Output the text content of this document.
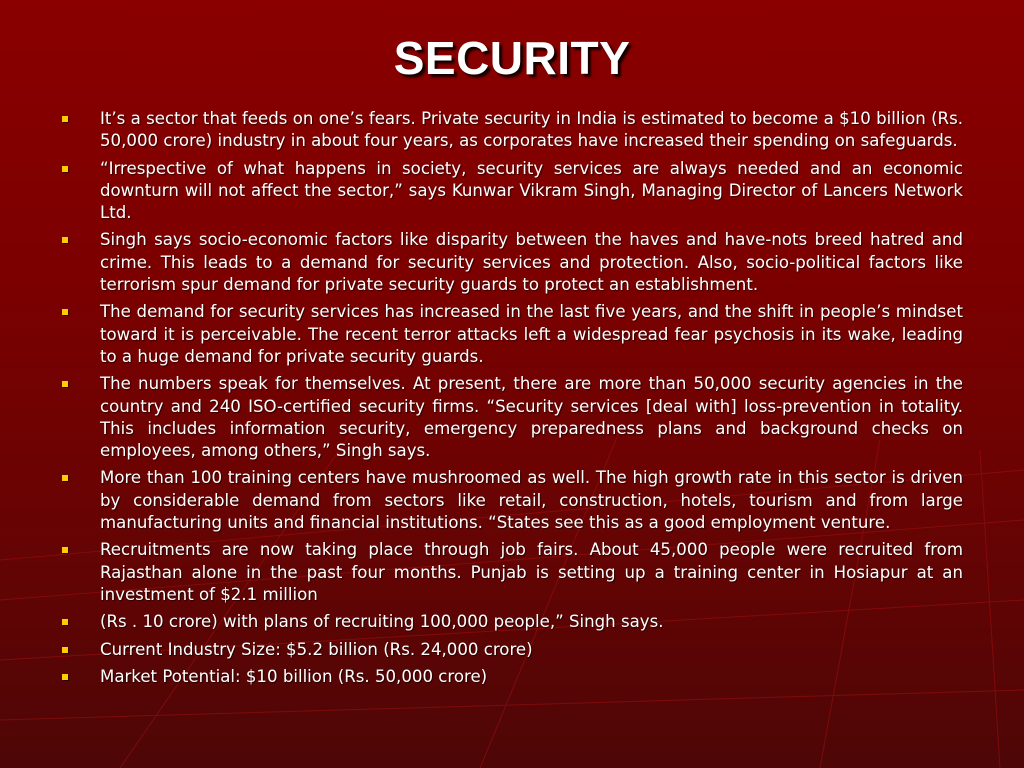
SECURITY
It’s a sector that feeds on one’s fears. Private security in India is estimated to become a $10 billion (Rs. 50,000 crore) industry in about four years, as corporates have increased their spending on safeguards.
“Irrespective of what happens in society, security services are always needed and an economic downturn will not affect the sector,” says Kunwar Vikram Singh, Managing Director of Lancers Network Ltd.
Singh says socio-economic factors like disparity between the haves and have-nots breed hatred and crime. This leads to a demand for security services and protection. Also, socio-political factors like terrorism spur demand for private security guards to protect an establishment.
The demand for security services has increased in the last five years, and the shift in people’s mindset toward it is perceivable. The recent terror attacks left a widespread fear psychosis in its wake, leading to a huge demand for private security guards.
The numbers speak for themselves. At present, there are more than 50,000 security agencies in the country and 240 ISO-certified security firms. “Security services [deal with] loss-prevention in totality. This includes information security, emergency preparedness plans and background checks on employees, among others,” Singh says.
More than 100 training centers have mushroomed as well. The high growth rate in this sector is driven by considerable demand from sectors like retail, construction, hotels, tourism and from large manufacturing units and financial institutions. “States see this as a good employment venture.
Recruitments are now taking place through job fairs. About 45,000 people were recruited from Rajasthan alone in the past four months. Punjab is setting up a training center in Hosiapur at an investment of $2.1 million
(Rs . 10 crore) with plans of recruiting 100,000 people,” Singh says.
Current Industry Size: $5.2 billion (Rs. 24,000 crore)
Market Potential: $10 billion (Rs. 50,000 crore)
